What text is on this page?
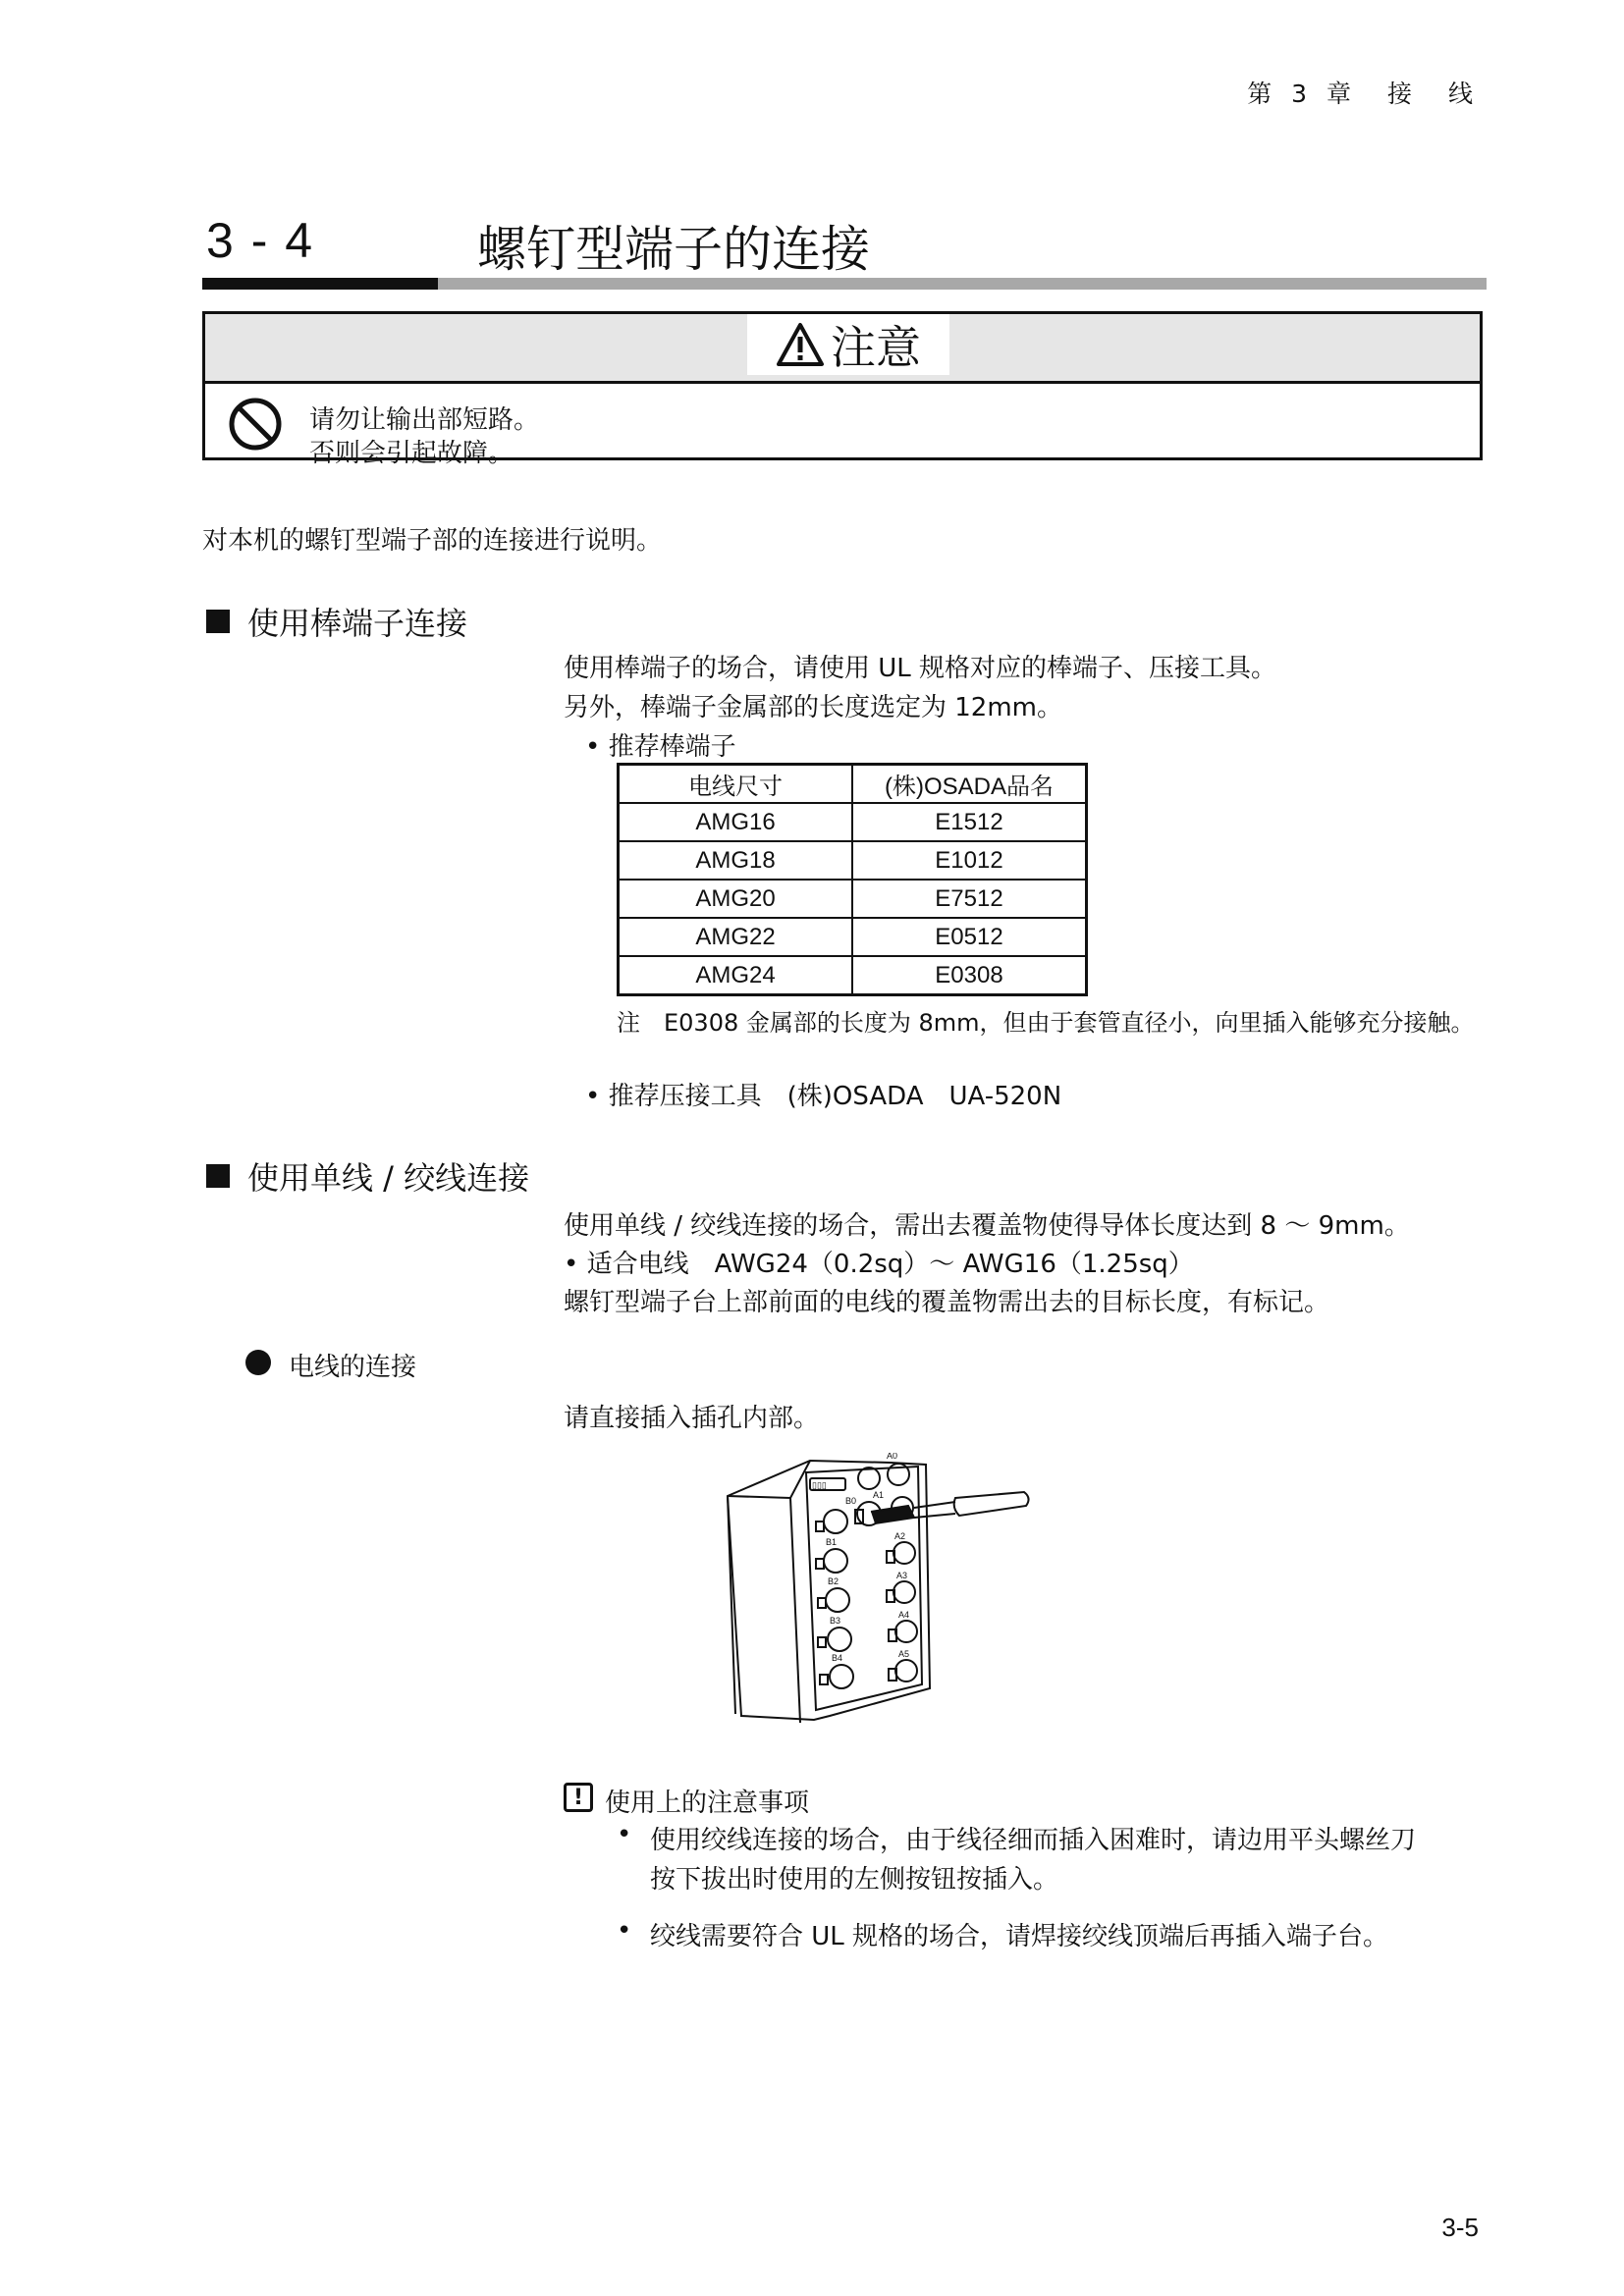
第 3 章　接　线
3 - 4	螺钉型端子的连接
注意
请勿让输出部短路。
否则会引起故障。
对本机的螺钉型端子部的连接进行说明。
使用棒端子连接
使用棒端子的场合，请使用 UL 规格对应的棒端子、压接工具。
另外，棒端子金属部的长度选定为 12mm。
• 推荐棒端子
电线尺寸	(株)OSADA品名
AMG16	E1512
AMG18	E1012
AMG20	E7512
AMG22	E0512
AMG24	E0308
注　E0308 金属部的长度为 8mm，但由于套管直径小，向里插入能够充分接触。
• 推荐压接工具　(株)OSADA　UA-520N
使用单线 / 绞线连接
使用单线 / 绞线连接的场合，需出去覆盖物使得导体长度达到 8 ～ 9mm。
• 适合电线　AWG24（0.2sq）～ AWG16（1.25sq）
螺钉型端子台上部前面的电线的覆盖物需出去的目标长度，有标记。
电线的连接
请直接插入插孔内部。
▯▯▯
B0
A0
B1
A1
B2
A2
B3
A3
B4
A4
A5
! 使用上的注意事项
• 使用绞线连接的场合，由于线径细而插入困难时，请边用平头螺丝刀
按下拔出时使用的左侧按钮按插入。
• 绞线需要符合 UL 规格的场合，请焊接绞线顶端后再插入端子台。
3-5
